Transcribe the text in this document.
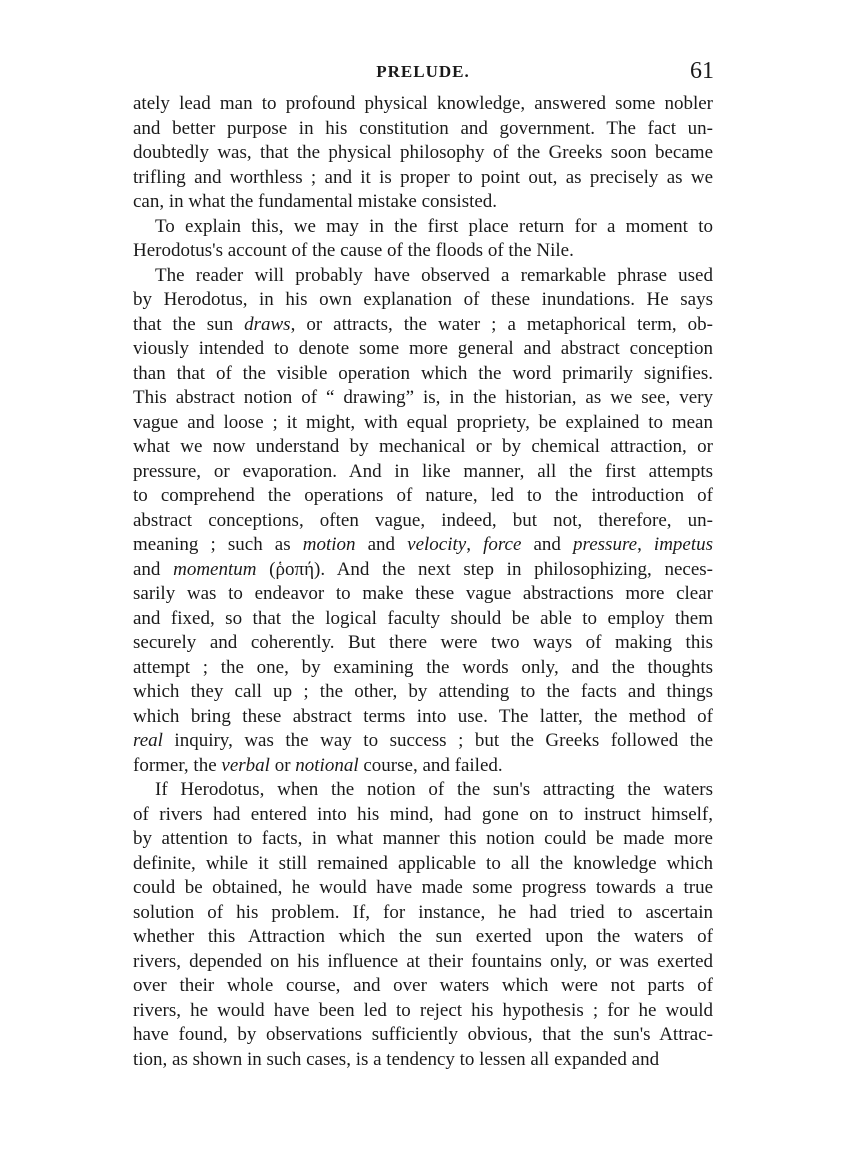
PRELUDE.	61
ately lead man to profound physical knowledge, answered some nobler
and better purpose in his constitution and government. The fact un-
doubtedly was, that the physical philosophy of the Greeks soon became
trifling and worthless ; and it is proper to point out, as precisely as we
can, in what the fundamental mistake consisted.
To explain this, we may in the first place return for a moment to
Herodotus's account of the cause of the floods of the Nile.
The reader will probably have observed a remarkable phrase used
by Herodotus, in his own explanation of these inundations. He says
that the sun draws, or attracts, the water ; a metaphorical term, ob-
viously intended to denote some more general and abstract conception
than that of the visible operation which the word primarily signifies.
This abstract notion of “ drawing” is, in the historian, as we see, very
vague and loose ; it might, with equal propriety, be explained to mean
what we now understand by mechanical or by chemical attraction, or
pressure, or evaporation. And in like manner, all the first attempts
to comprehend the operations of nature, led to the introduction of
abstract conceptions, often vague, indeed, but not, therefore, un-
meaning ; such as motion and velocity, force and pressure, impetus
and momentum (ῥοπή). And the next step in philosophizing, neces-
sarily was to endeavor to make these vague abstractions more clear
and fixed, so that the logical faculty should be able to employ them
securely and coherently. But there were two ways of making this
attempt ; the one, by examining the words only, and the thoughts
which they call up ; the other, by attending to the facts and things
which bring these abstract terms into use. The latter, the method of
real inquiry, was the way to success ; but the Greeks followed the
former, the verbal or notional course, and failed.
If Herodotus, when the notion of the sun's attracting the waters
of rivers had entered into his mind, had gone on to instruct himself,
by attention to facts, in what manner this notion could be made more
definite, while it still remained applicable to all the knowledge which
could be obtained, he would have made some progress towards a true
solution of his problem. If, for instance, he had tried to ascertain
whether this Attraction which the sun exerted upon the waters of
rivers, depended on his influence at their fountains only, or was exerted
over their whole course, and over waters which were not parts of
rivers, he would have been led to reject his hypothesis ; for he would
have found, by observations sufficiently obvious, that the sun's Attrac-
tion, as shown in such cases, is a tendency to lessen all expanded and
